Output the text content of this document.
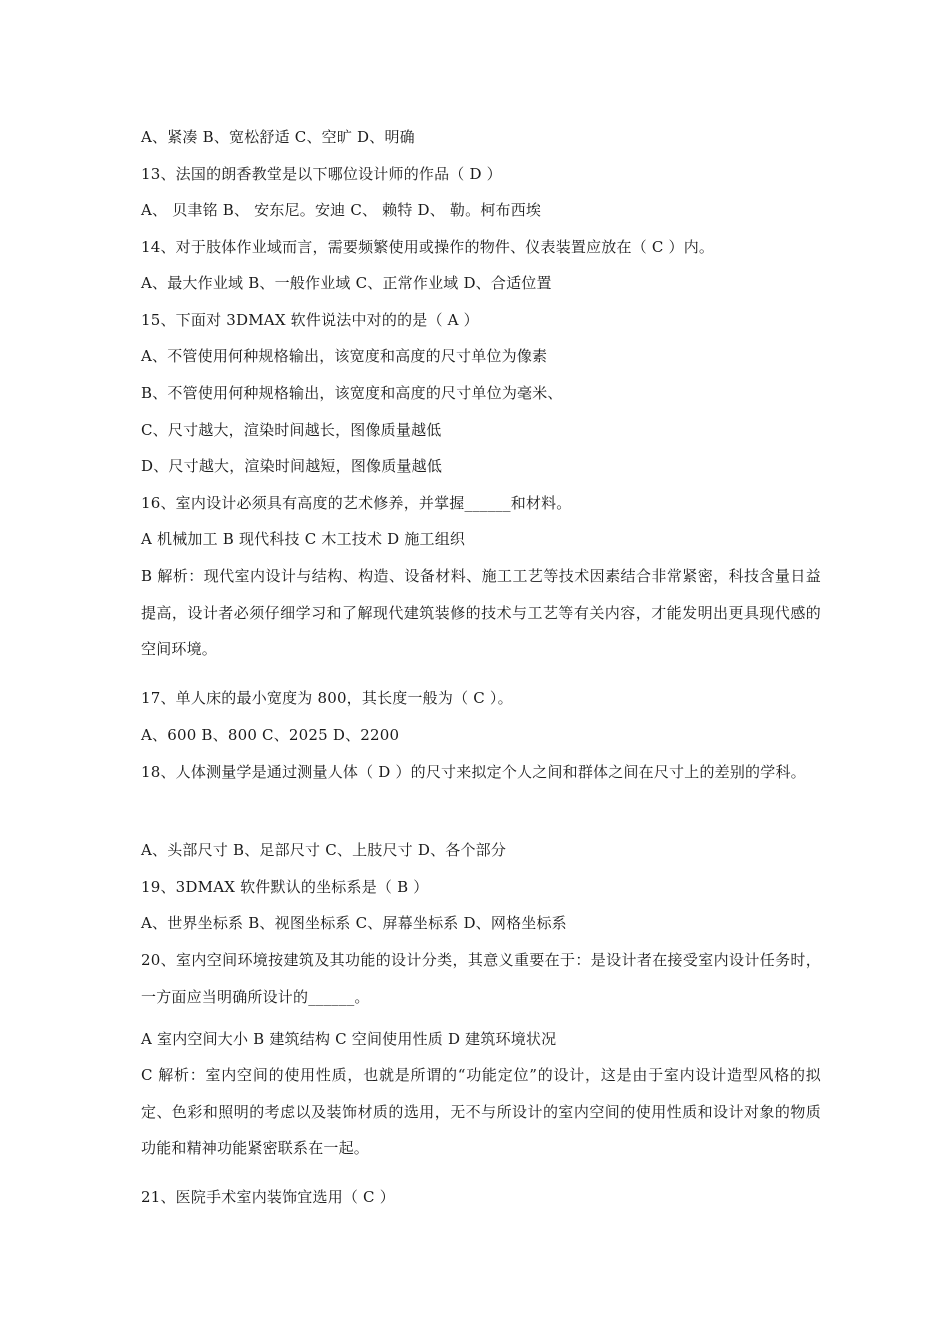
A、紧凑 B、宽松舒适 C、空旷 D、明确
13、法国的朗香教堂是以下哪位设计师的作品（ D ）
A、 贝聿铭 B、 安东尼。安迪 C、 赖特 D、 勒。柯布西埃
14、对于肢体作业域而言，需要频繁使用或操作的物件、仪表装置应放在（ C ）内。
A、最大作业域 B、一般作业域 C、正常作业域 D、合适位置
15、下面对 3DMAX 软件说法中对的的是（ A ）
A、不管使用何种规格输出，该宽度和高度的尺寸单位为像素
B、不管使用何种规格输出，该宽度和高度的尺寸单位为毫米、
C、尺寸越大，渲染时间越长，图像质量越低
D、尺寸越大，渲染时间越短，图像质量越低
16、室内设计必须具有高度的艺术修养，并掌握______和材料。
A 机械加工 B 现代科技 C 木工技术 D 施工组织
B 解析：现代室内设计与结构、构造、设备材料、施工工艺等技术因素结合非常紧密，科技含量日益提高，设计者必须仔细学习和了解现代建筑装修的技术与工艺等有关内容，才能发明出更具现代感的空间环境。
17、单人床的最小宽度为 800，其长度一般为（ C ）。
A、600 B、800 C、2025 D、2200
18、人体测量学是通过测量人体（ D ）的尺寸来拟定个人之间和群体之间在尺寸上的差别的学科。
A、头部尺寸 B、足部尺寸 C、上肢尺寸 D、各个部分
19、3DMAX 软件默认的坐标系是（ B ）
A、世界坐标系 B、视图坐标系 C、屏幕坐标系 D、网格坐标系
20、室内空间环境按建筑及其功能的设计分类，其意义重要在于：是设计者在接受室内设计任务时，一方面应当明确所设计的______。
A 室内空间大小 B 建筑结构 C 空间使用性质 D 建筑环境状况
C 解析：室内空间的使用性质，也就是所谓的“功能定位”的设计，这是由于室内设计造型风格的拟定、色彩和照明的考虑以及装饰材质的选用，无不与所设计的室内空间的使用性质和设计对象的物质功能和精神功能紧密联系在一起。
21、医院手术室内装饰宜选用（ C ）
